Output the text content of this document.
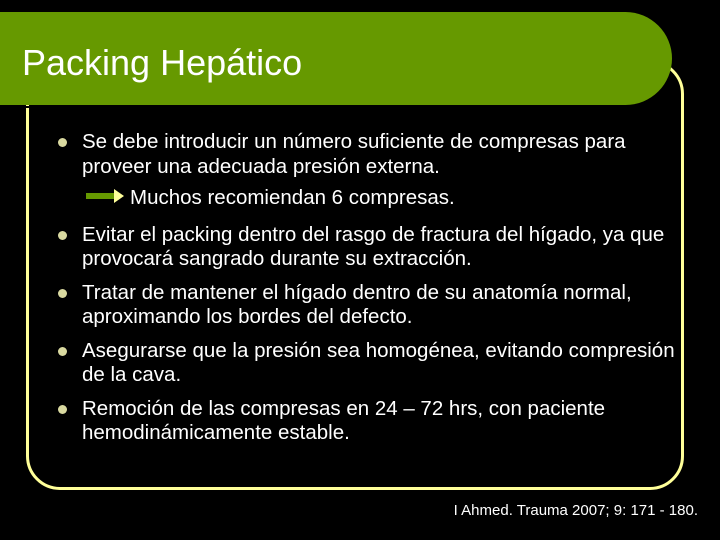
Packing Hepático
Se debe introducir un número suficiente de compresas para proveer una adecuada presión externa.
Muchos recomiendan 6 compresas.
Evitar el packing dentro del rasgo de fractura del hígado, ya que provocará sangrado durante su extracción.
Tratar de mantener el hígado dentro de su anatomía normal, aproximando los bordes del defecto.
Asegurarse que la presión sea homogénea, evitando compresión de la cava.
Remoción de las compresas en 24 – 72 hrs, con paciente hemodinámicamente estable.

I Ahmed. Trauma 2007; 9: 171 - 180.
